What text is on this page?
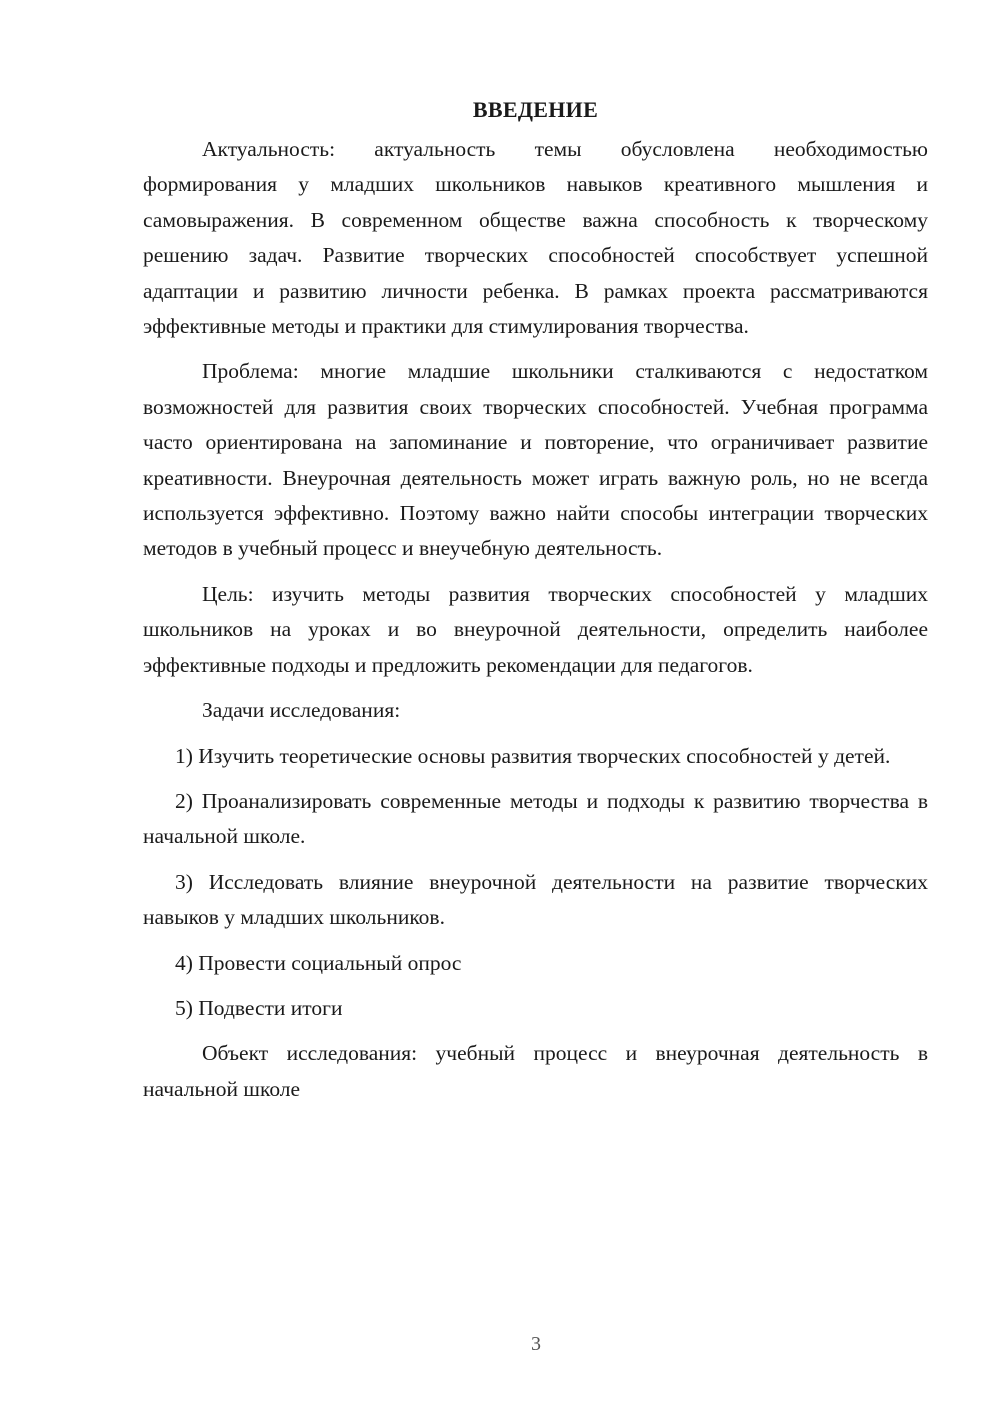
ВВЕДЕНИЕ

Актуальность: актуальность темы обусловлена необходимостью формирования у младших школьников навыков креативного мышления и самовыражения. В современном обществе важна способность к творческому решению задач. Развитие творческих способностей способствует успешной адаптации и развитию личности ребенка. В рамках проекта рассматриваются эффективные методы и практики для стимулирования творчества.

Проблема: многие младшие школьники сталкиваются с недостатком возможностей для развития своих творческих способностей. Учебная программа часто ориентирована на запоминание и повторение, что ограничивает развитие креативности. Внеурочная деятельность может играть важную роль, но не всегда используется эффективно. Поэтому важно найти способы интеграции творческих методов в учебный процесс и внеучебную деятельность.

Цель: изучить методы развития творческих способностей у младших школьников на уроках и во внеурочной деятельности, определить наиболее эффективные подходы и предложить рекомендации для педагогов.

Задачи исследования:

1) Изучить теоретические основы развития творческих способностей у детей.

2) Проанализировать современные методы и подходы к развитию творчества в начальной школе.

3) Исследовать влияние внеурочной деятельности на развитие творческих навыков у младших школьников.

4) Провести социальный опрос

5) Подвести итоги

Объект исследования: учебный процесс и внеурочная деятельность в начальной школе

3
